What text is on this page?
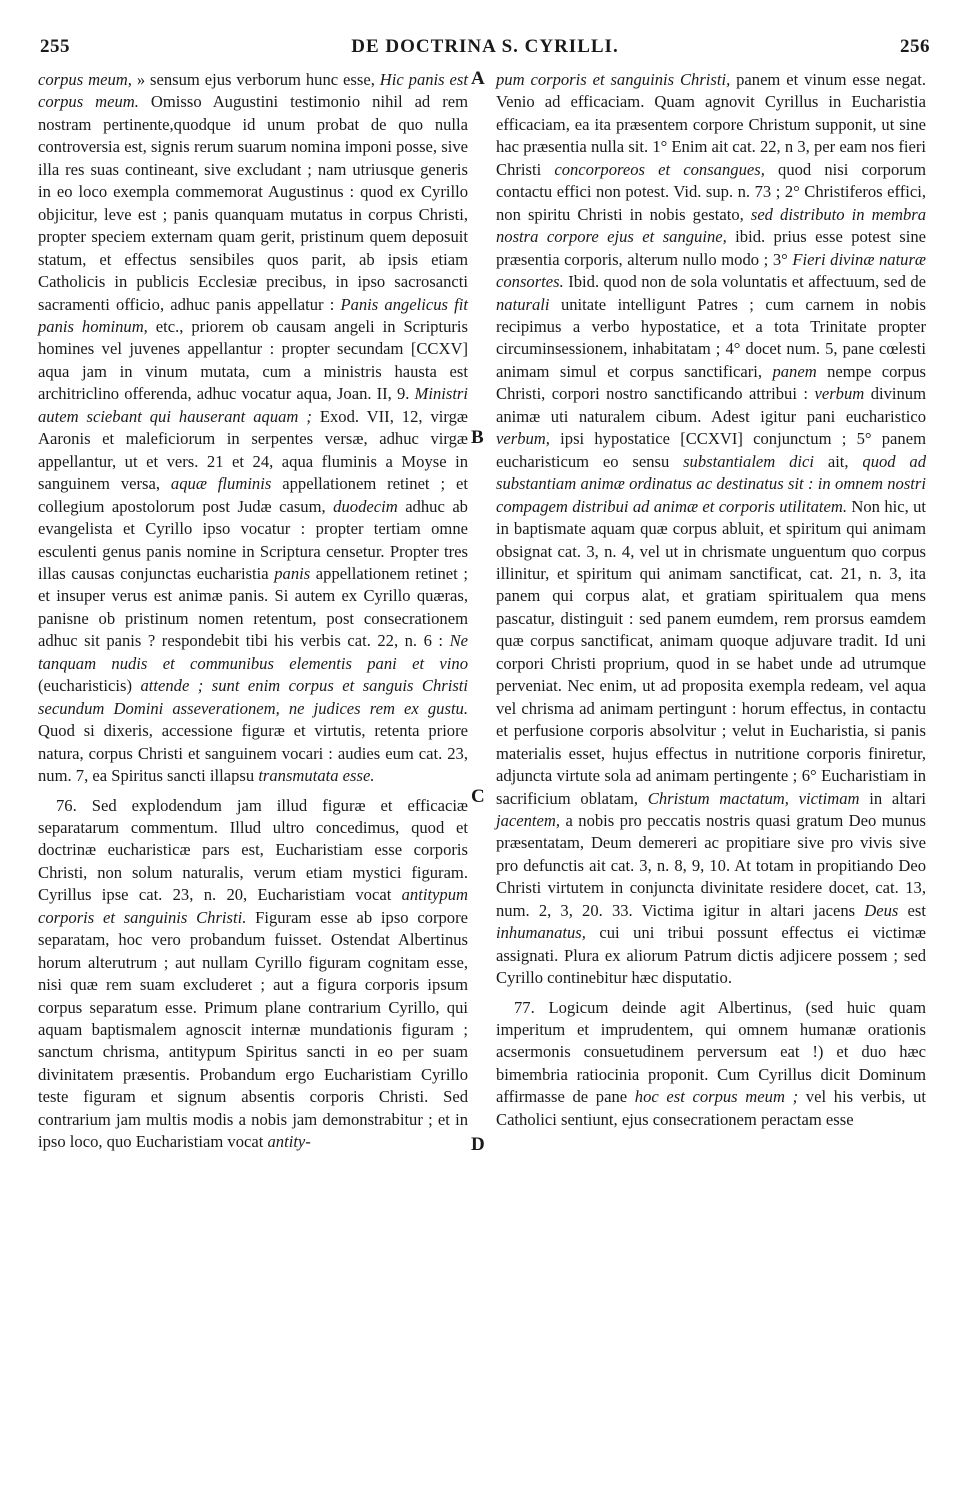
255	DE DOCTRINA S. CYRILLI.	256

corpus meum, » sensum ejus verborum hunc esse, Hic panis est corpus meum. Omisso Augustini testimonio nihil ad rem nostram pertinente,quodque id unum probat de quo nulla controversia est, signis rerum suarum nomina imponi posse, sive illa res suas contineant, sive excludant ; nam utriusque generis in eo loco exempla commemorat Augustinus : quod ex Cyrillo objicitur, leve est ; panis quanquam mutatus in corpus Christi, propter speciem externam quam gerit, pristinum quem deposuit statum, et effectus sensibiles quos parit, ab ipsis etiam Catholicis in publicis Ecclesiæ precibus, in ipso sacrosancti sacramenti officio, adhuc panis appellatur : Panis angelicus fit panis hominum, etc., priorem ob causam angeli in Scripturis homines vel juvenes appellantur : propter secundam [CCXV] aqua jam in vinum mutata, cum a ministris hausta est architriclino offerenda, adhuc vocatur aqua, Joan. II, 9. Ministri autem sciebant qui hauserant aquam ; Exod. VII, 12, virgæ Aaronis et maleficiorum in serpentes versæ, adhuc virgæ appellantur, ut et vers. 21 et 24, aqua fluminis a Moyse in sanguinem versa, aquæ fluminis appellationem retinet ; et collegium apostolorum post Judæ casum, duodecim adhuc ab evangelista et Cyrillo ipso vocatur : propter tertiam omne esculenti genus panis nomine in Scriptura censetur. Propter tres illas causas conjunctas eucharistia panis appellationem retinet ; et insuper verus est animæ panis. Si autem ex Cyrillo quæras, panisne ob pristinum nomen retentum, post consecrationem adhuc sit panis ? respondebit tibi his verbis cat. 22, n. 6 : Ne tanquam nudis et communibus elementis pani et vino (eucharisticis) attende ; sunt enim corpus et sanguis Christi secundum Domini asseverationem, ne judices rem ex gustu. Quod si dixeris, accessione figuræ et virtutis, retenta priore natura, corpus Christi et sanguinem vocari : audies eum cat. 23, num. 7, ea Spiritus sancti illapsu transmutata esse.

76. Sed explodendum jam illud figuræ et efficaciæ separatarum commentum. Illud ultro concedimus, quod et doctrinæ eucharisticæ pars est, Eucharistiam esse corporis Christi, non solum naturalis, verum etiam mystici figuram. Cyrillus ipse cat. 23, n. 20, Eucharistiam vocat antitypum corporis et sanguinis Christi. Figuram esse ab ipso corpore separatam, hoc vero probandum fuisset. Ostendat Albertinus horum alterutrum ; aut nullam Cyrillo figuram cognitam esse, nisi quæ rem suam excluderet ; aut a figura corporis ipsum corpus separatum esse. Primum plane contrarium Cyrillo, qui aquam baptismalem agnoscit internæ mundationis figuram ; sanctum chrisma, antitypum Spiritus sancti in eo per suam divinitatem præsentis. Probandum ergo Eucharistiam Cyrillo teste figuram et signum absentis corporis Christi. Sed contrarium jam multis modis a nobis jam demonstrabitur ; et in ipso loco, quo Eucharistiam vocat antity-

pum corporis et sanguinis Christi, panem et vinum esse negat. Venio ad efficaciam. Quam agnovit Cyrillus in Eucharistia efficaciam, ea ita præsentem corpore Christum supponit, ut sine hac præsentia nulla sit. 1° Enim ait cat. 22, n 3, per eam nos fieri Christi concorporeos et consangues, quod nisi corporum contactu effici non potest. Vid. sup. n. 73 ; 2° Christiferos effici, non spiritu Christi in nobis gestato, sed distributo in membra nostra corpore ejus et sanguine, ibid. prius esse potest sine præsentia corporis, alterum nullo modo ; 3° Fieri divinæ naturæ consortes. Ibid. quod non de sola voluntatis et affectuum, sed de naturali unitate intelligunt Patres ; cum carnem in nobis recipimus a verbo hypostatice, et a tota Trinitate propter circuminsessionem, inhabitatam ; 4° docet num. 5, pane cœlesti animam simul et corpus sanctificari, panem nempe corpus Christi, corpori nostro sanctificando attribui : verbum divinum animæ uti naturalem cibum. Adest igitur pani eucharistico verbum, ipsi hypostatice [CCXVI] conjunctum ; 5° panem eucharisticum eo sensu substantialem dici ait, quod ad substantiam animæ ordinatus ac destinatus sit : in omnem nostri compagem distribui ad animæ et corporis utilitatem. Non hic, ut in baptismate aquam quæ corpus abluit, et spiritum qui animam obsignat cat. 3, n. 4, vel ut in chrismate unguentum quo corpus illinitur, et spiritum qui animam sanctificat, cat. 21, n. 3, ita panem qui corpus alat, et gratiam spiritualem qua mens pascatur, distinguit : sed panem eumdem, rem prorsus eamdem quæ corpus sanctificat, animam quoque adjuvare tradit. Id uni corpori Christi proprium, quod in se habet unde ad utrumque perveniat. Nec enim, ut ad proposita exempla redeam, vel aqua vel chrisma ad animam pertingunt : horum effectus, in contactu et perfusione corporis absolvitur ; velut in Eucharistia, si panis materialis esset, hujus effectus in nutritione corporis finiretur, adjuncta virtute sola ad animam pertingente ; 6° Eucharistiam in sacrificium oblatam, Christum mactatum, victimam in altari jacentem, a nobis pro peccatis nostris quasi gratum Deo munus præsentatam, Deum demereri ac propitiare sive pro vivis sive pro defunctis ait cat. 3, n. 8, 9, 10. At totam in propitiando Deo Christi virtutem in conjuncta divinitate residere docet, cat. 13, num. 2, 3, 20. 33. Victima igitur in altari jacens Deus est inhumanatus, cui uni tribui possunt effectus ei victimæ assignati. Plura ex aliorum Patrum dictis adjicere possem ; sed Cyrillo continebitur hæc disputatio.

77. Logicum deinde agit Albertinus, (sed huic quam imperitum et imprudentem, qui omnem humanæ orationis acsermonis consuetudinem perversum eat !) et duo hæc bimembria ratiocinia proponit. Cum Cyrillus dicit Dominum affirmasse de pane hoc est corpus meum ; vel his verbis, ut Catholici sentiunt, ejus consecrationem peractam esse

A
B
C
D
